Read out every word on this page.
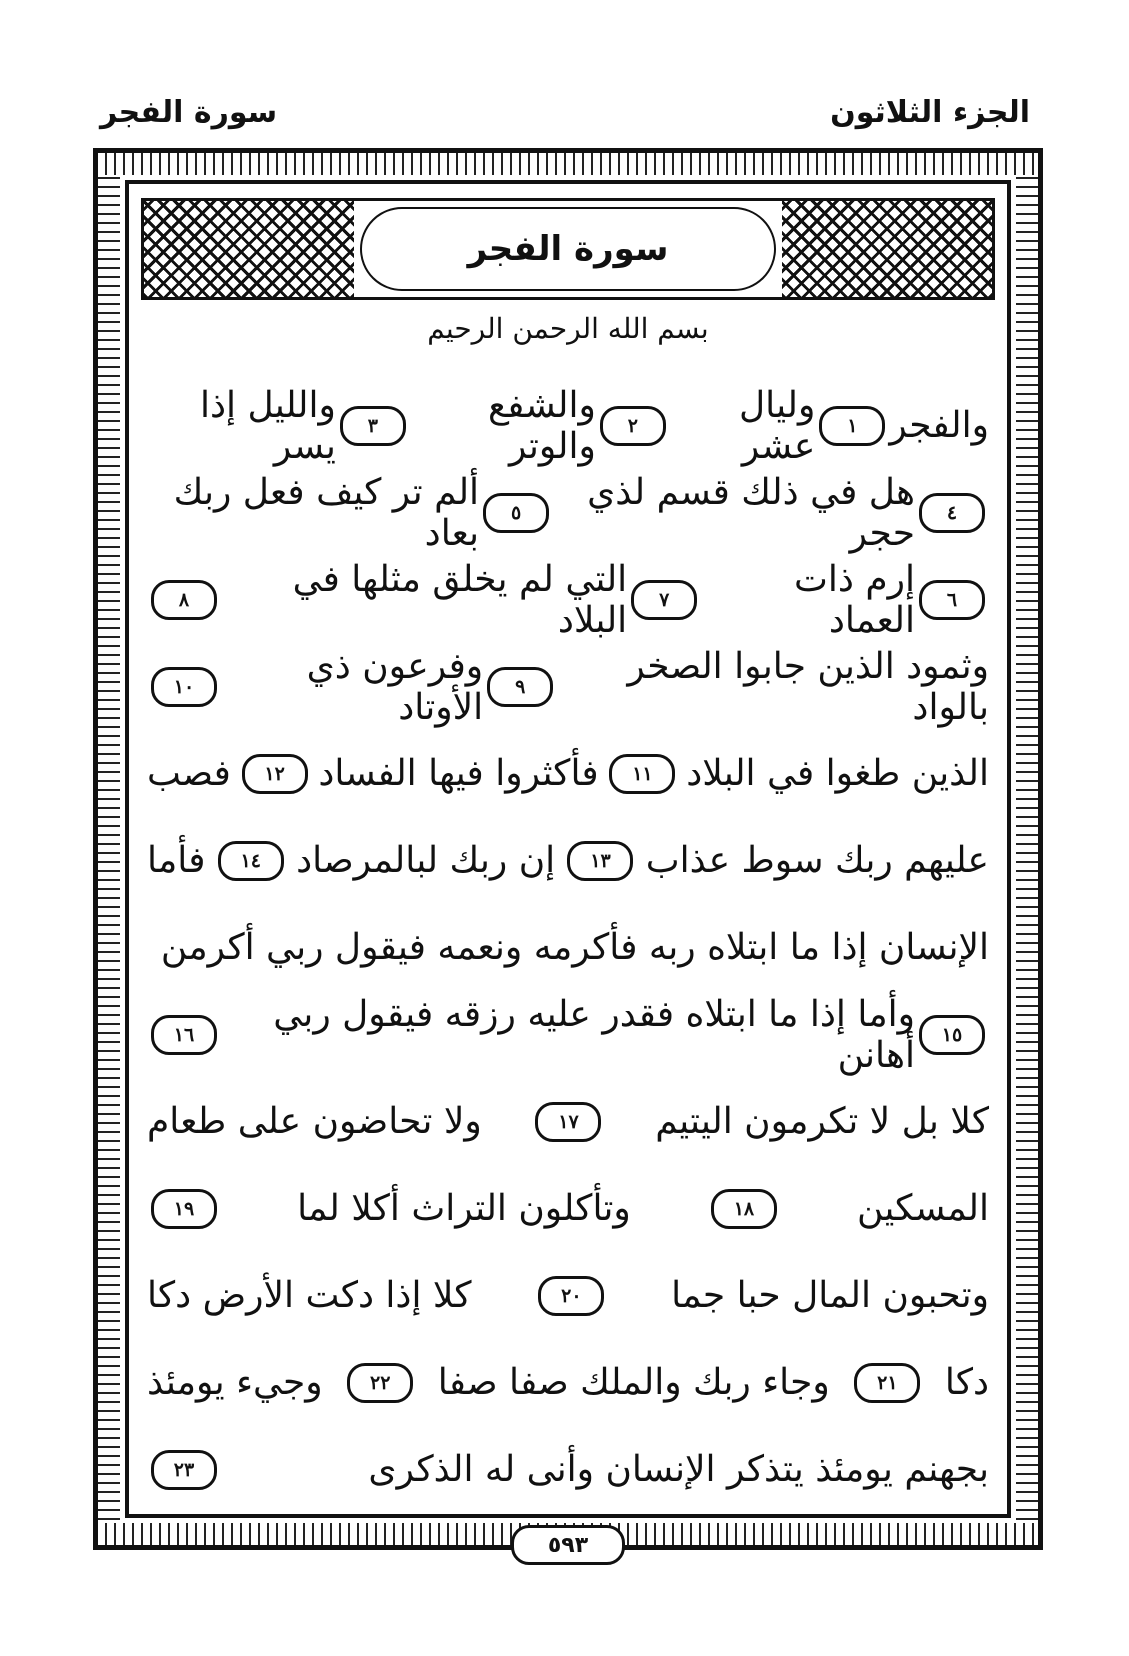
سورة الفجر	الجزء الثلاثون
سورة الفجر
بسم الله الرحمن الرحيم
والفجر
١
وليال عشر
٢
والشفع والوتر
٣
والليل إذا يسر
٤
هل في ذلك قسم لذي حجر
٥
ألم تر كيف فعل ربك بعاد
٦
إرم ذات العماد
٧
التي لم يخلق مثلها في البلاد
٨
وثمود الذين جابوا الصخر بالواد
٩
وفرعون ذي الأوتاد
١٠
الذين طغوا في البلاد
١١
فأكثروا فيها الفساد
١٢
فصب
عليهم ربك سوط عذاب
١٣
إن ربك لبالمرصاد
١٤
فأما
الإنسان إذا ما ابتلاه ربه فأكرمه ونعمه فيقول ربي أكرمن
١٥
وأما إذا ما ابتلاه فقدر عليه رزقه فيقول ربي أهانن
١٦
كلا بل لا تكرمون اليتيم
١٧
ولا تحاضون على طعام
المسكين
١٨
وتأكلون التراث أكلا لما
١٩
وتحبون المال حبا جما
٢٠
كلا إذا دكت الأرض دكا
دكا
٢١
وجاء ربك والملك صفا صفا
٢٢
وجيء يومئذ
بجهنم يومئذ يتذكر الإنسان وأنى له الذكرى
٢٣
٥٩٣
